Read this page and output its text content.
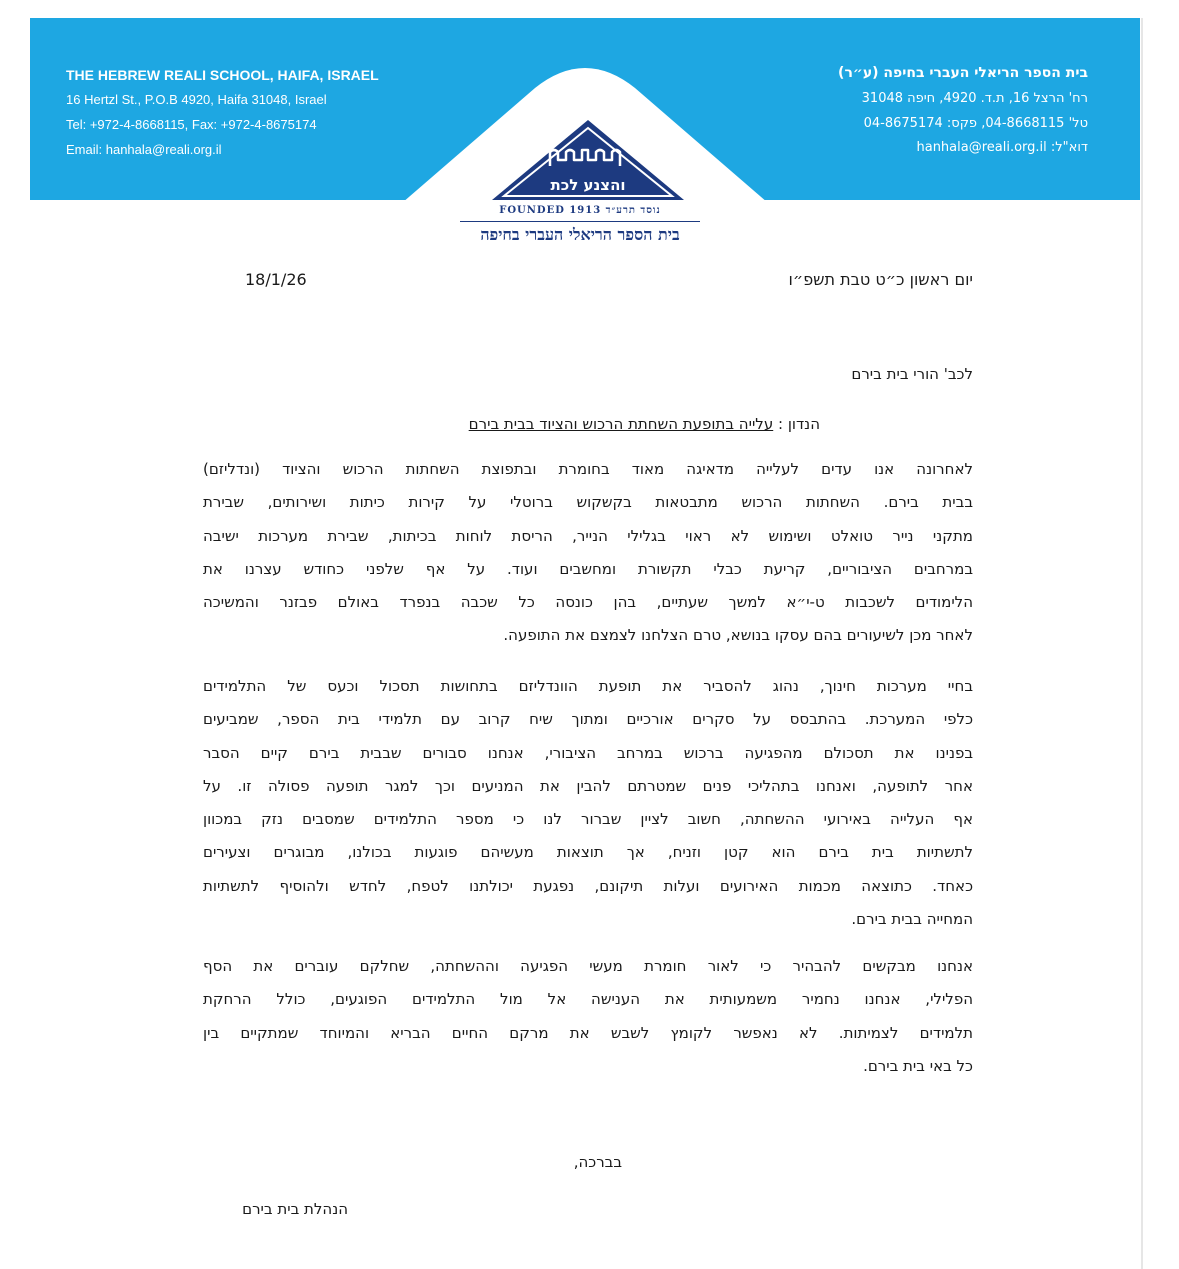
THE HEBREW REALI SCHOOL, HAIFA, ISRAEL
16 Hertzl St., P.O.B 4920, Haifa 31048, Israel
Tel: +972-4-8668115, Fax: +972-4-8675174
Email: hanhala@reali.org.il
בית הספר הריאלי העברי בחיפה (ע״ר)
רח' הרצל 16, ת.ד. 4920, חיפה 31048
טל' 04-8668115, פקס: 04-8675174
דוא"ל: hanhala@reali.org.il
והצנע לכת
FOUNDED 1913 נוסד תרע״ד
בית הספר הריאלי העברי בחיפה
18/1/26	יום ראשון כ״ט טבת תשפ״ו
לכב' הורי בית בירם
הנדון : עלייה בתופעת השחתת הרכוש והציוד בבית בירם
לאחרונה אנו עדים לעלייה מדאיגה מאוד בחומרת ובתפוצת השחתות הרכוש והציוד (ונדליזם)
בבית בירם. השחתות הרכוש מתבטאות בקשקוש ברוטלי על קירות כיתות ושירותים, שבירת
מתקני נייר טואלט ושימוש לא ראוי בגלילי הנייר, הריסת לוחות בכיתות, שבירת מערכות ישיבה
במרחבים הציבוריים, קריעת כבלי תקשורת ומחשבים ועוד. על אף שלפני כחודש עצרנו את
הלימודים לשכבות ט-י״א למשך שעתיים, בהן כונסה כל שכבה בנפרד באולם פבזנר והמשיכה
לאחר מכן לשיעורים בהם עסקו בנושא, טרם הצלחנו לצמצם את התופעה.
בחיי מערכות חינוך, נהוג להסביר את תופעת הוונדליזם בתחושות תסכול וכעס של התלמידים
כלפי המערכת. בהתבסס על סקרים אורכיים ומתוך שיח קרוב עם תלמידי בית הספר, שמביעים
בפנינו את תסכולם מהפגיעה ברכוש במרחב הציבורי, אנחנו סבורים שבבית בירם קיים הסבר
אחר לתופעה, ואנחנו בתהליכי פנים שמטרתם להבין את המניעים וכך למגר תופעה פסולה זו. על
אף העלייה באירועי ההשחתה, חשוב לציין שברור לנו כי מספר התלמידים שמסבים נזק במכוון
לתשתיות בית בירם הוא קטן וזניח, אך תוצאות מעשיהם פוגעות בכולנו, מבוגרים וצעירים
כאחד. כתוצאה מכמות האירועים ועלות תיקונם, נפגעת יכולתנו לטפח, לחדש ולהוסיף לתשתיות
המחייה בבית בירם.
אנחנו מבקשים להבהיר כי לאור חומרת מעשי הפגיעה וההשחתה, שחלקם עוברים את הסף
הפלילי, אנחנו נחמיר משמעותית את הענישה אל מול התלמידים הפוגעים, כולל הרחקת
תלמידים לצמיתות. לא נאפשר לקומץ לשבש את מרקם החיים הבריא והמיוחד שמתקיים בין
כל באי בית בירם.
בברכה,
הנהלת בית בירם
